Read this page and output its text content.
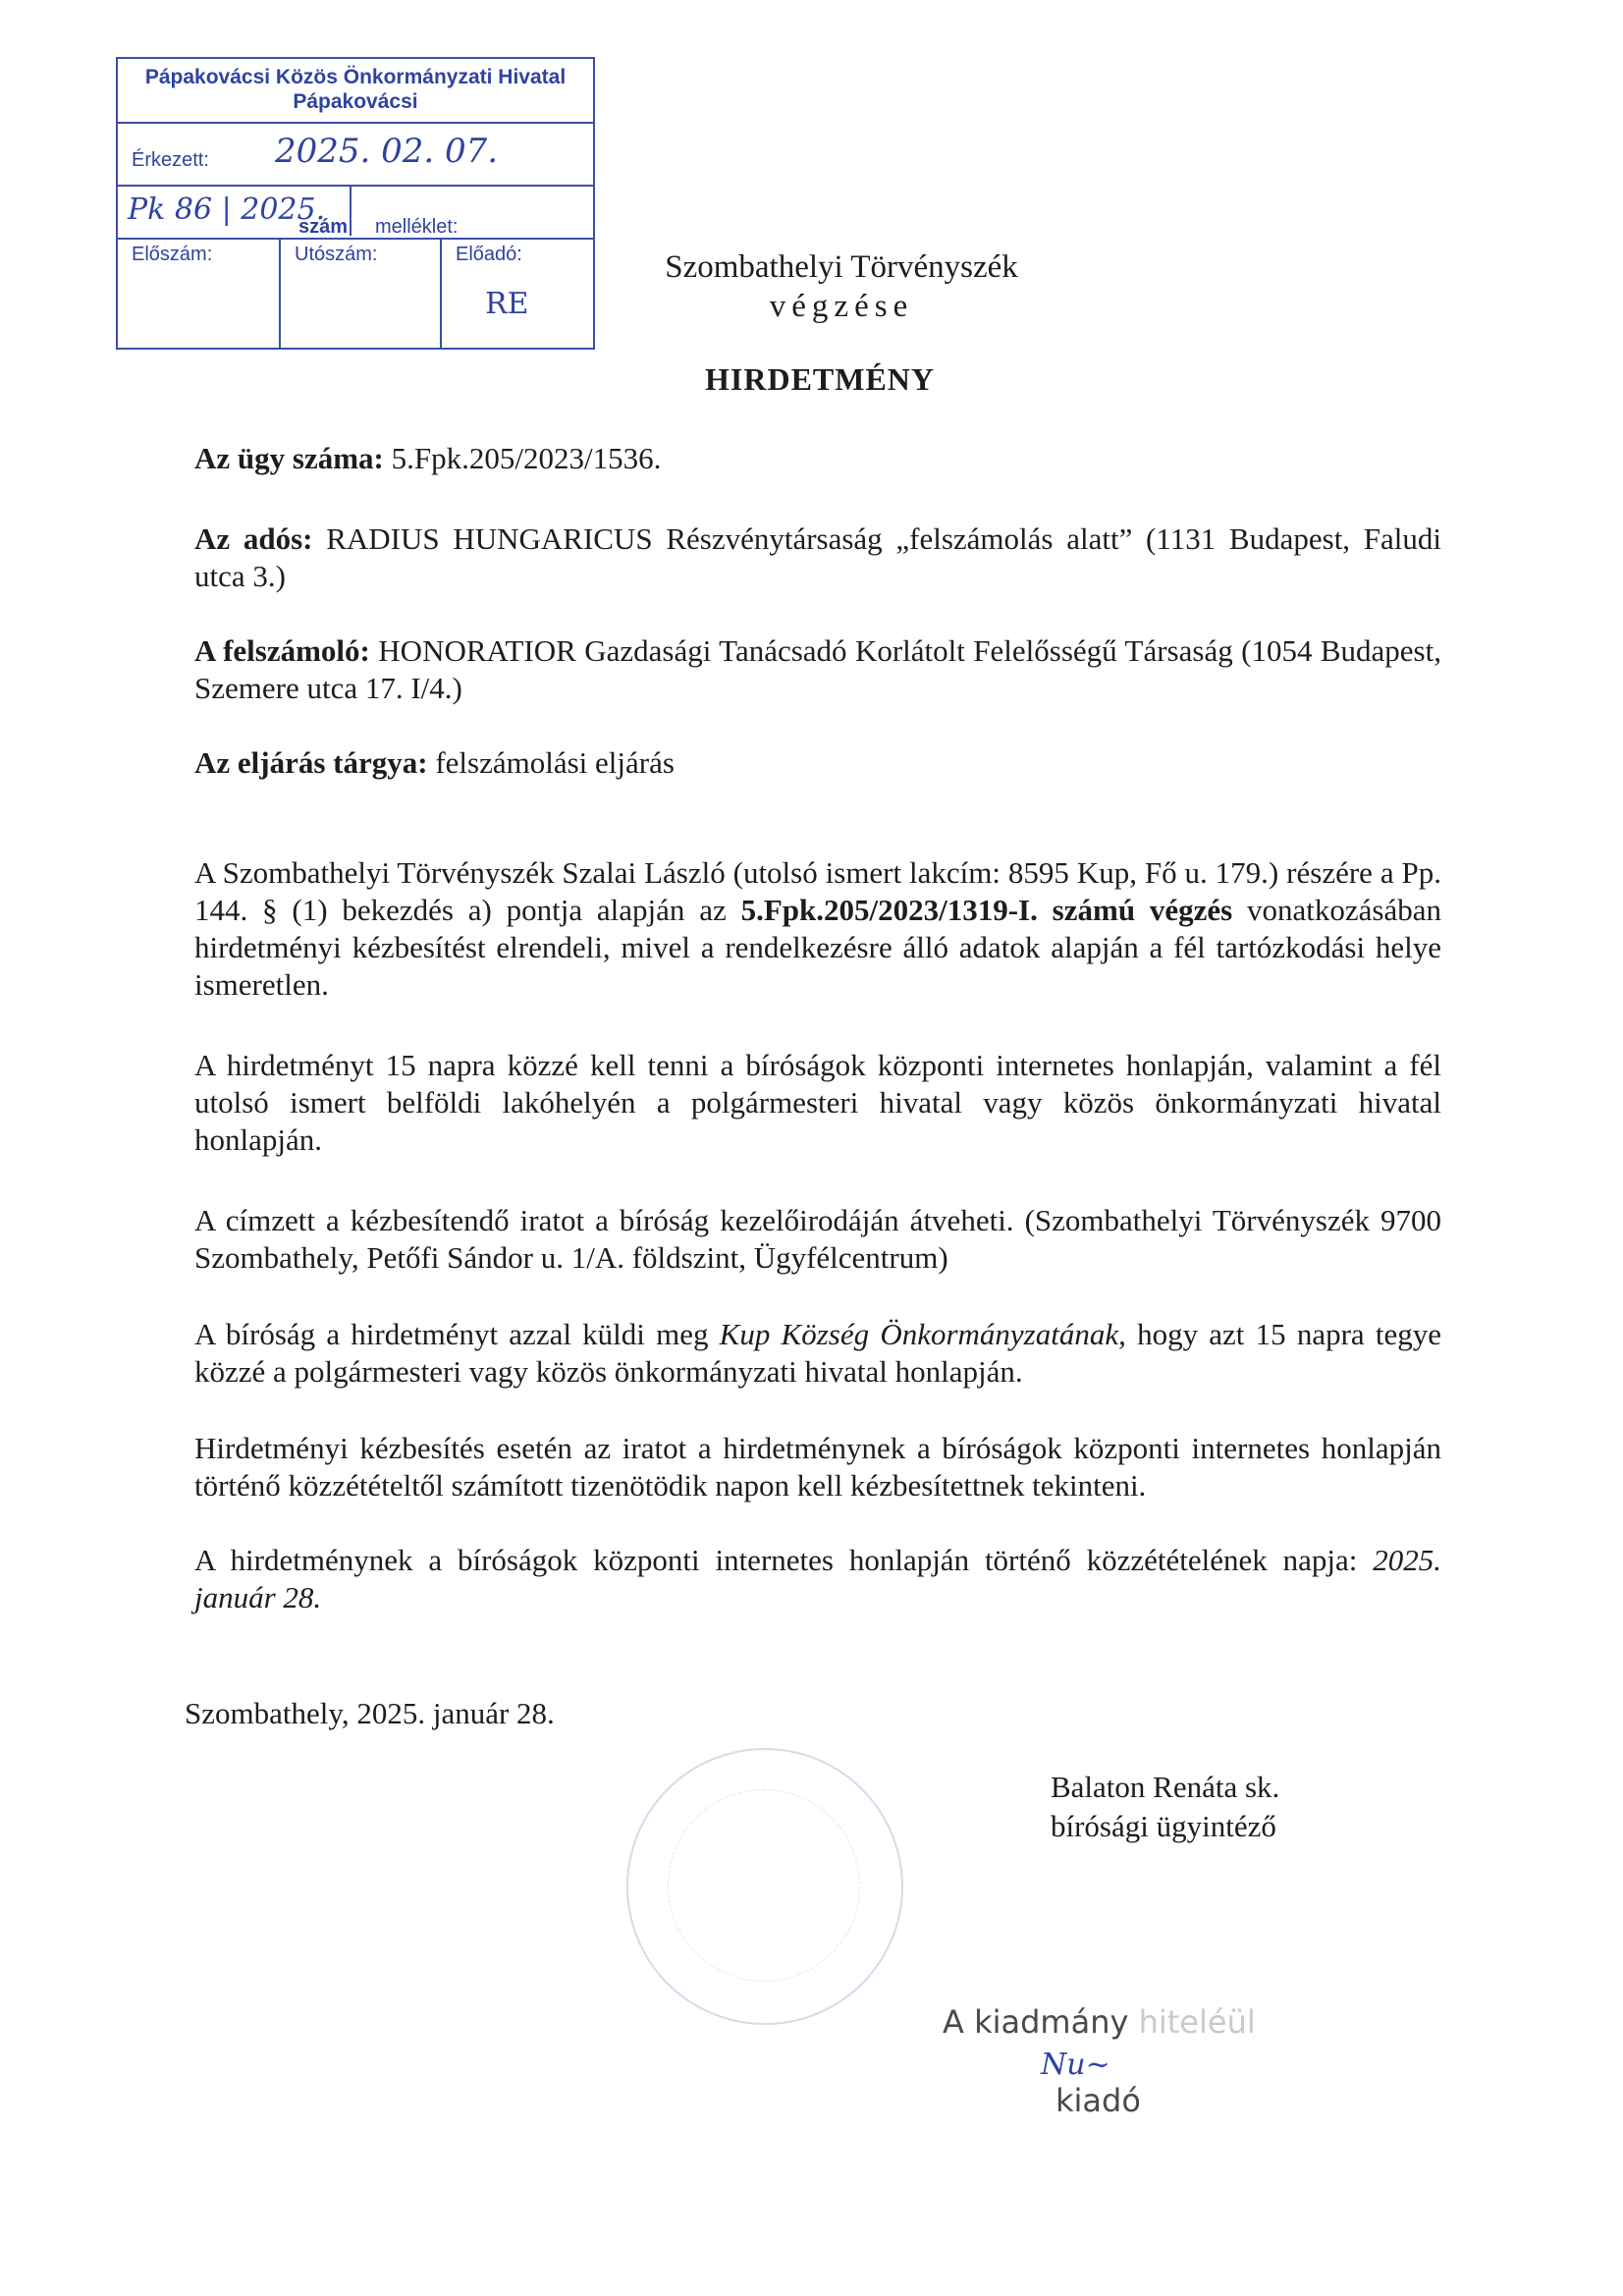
Pápakovácsi Közös Önkormányzati Hivatal
Pápakovácsi
Érkezett: 2025. 02. 07.
Pk 86 | 2025.
szám melléklet:
Előszám:	Utószám:	Előadó:
RE
Szombathelyi Törvényszék
végzése
HIRDETMÉNY
Az ügy száma: 5.Fpk.205/2023/1536.
Az adós: RADIUS HUNGARICUS Részvénytársaság „felszámolás alatt” (1131 Budapest, Faludi utca 3.)
A felszámoló: HONORATIOR Gazdasági Tanácsadó Korlátolt Felelősségű Társaság (1054 Budapest, Szemere utca 17. I/4.)
Az eljárás tárgya: felszámolási eljárás
A Szombathelyi Törvényszék Szalai László (utolsó ismert lakcím: 8595 Kup, Fő u. 179.) részére a Pp. 144. § (1) bekezdés a) pontja alapján az 5.Fpk.205/2023/1319-I. számú végzés vonatkozásában hirdetményi kézbesítést elrendeli, mivel a rendelkezésre álló adatok alapján a fél tartózkodási helye ismeretlen.
A hirdetményt 15 napra közzé kell tenni a bíróságok központi internetes honlapján, valamint a fél utolsó ismert belföldi lakóhelyén a polgármesteri hivatal vagy közös önkormányzati hivatal honlapján.
A címzett a kézbesítendő iratot a bíróság kezelőirodáján átveheti. (Szombathelyi Törvényszék 9700 Szombathely, Petőfi Sándor u. 1/A. földszint, Ügyfélcentrum)
A bíróság a hirdetményt azzal küldi meg Kup Község Önkormányzatának, hogy azt 15 napra tegye közzé a polgármesteri vagy közös önkormányzati hivatal honlapján.
Hirdetményi kézbesítés esetén az iratot a hirdetménynek a bíróságok központi internetes honlapján történő közzétételtől számított tizenötödik napon kell kézbesítettnek tekinteni.
A hirdetménynek a bíróságok központi internetes honlapján történő közzétételének napja: 2025. január 28.
Szombathely, 2025. január 28.
Balaton Renáta sk.
bírósági ügyintéző
A kiadmány hiteléül
Nu~
kiadó
